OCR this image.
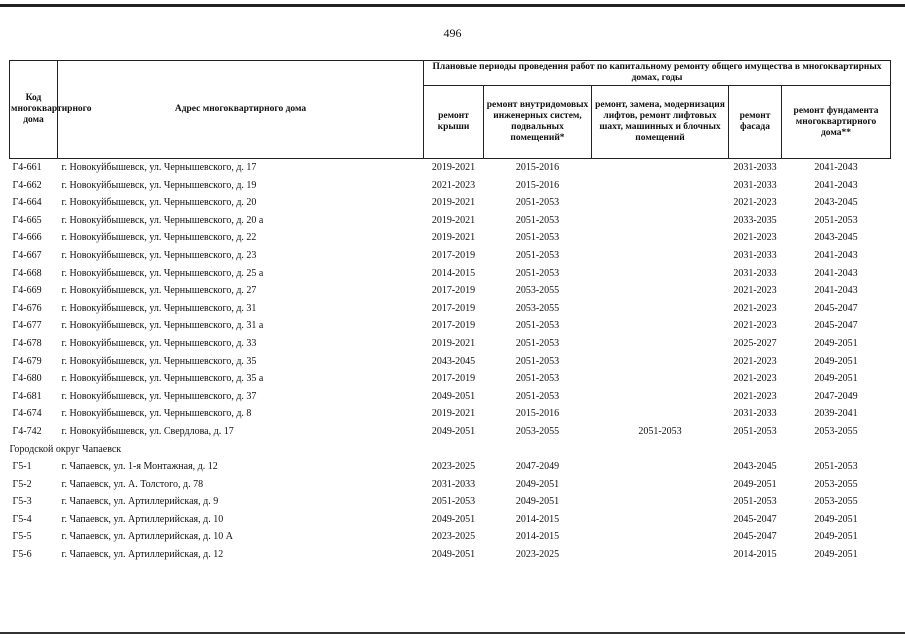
496
Код многоквартирного дома	Адрес многоквартирного дома	Плановые периоды проведения работ по капитальному ремонту общего имущества в многоквартирных домах, годы				
		ремонт крыши	ремонт внутридомовых инженерных систем, подвальных помещений*	ремонт, замена, модернизация лифтов, ремонт лифтовых шахт, машинных и блочных помещений	ремонт фасада	ремонт фундамента многоквартирного дома**
Г4-661	г. Новокуйбышевск, ул. Чернышевского, д. 17	2019-2021	2015-2016		2031-2033	2041-2043
Г4-662	г. Новокуйбышевск, ул. Чернышевского, д. 19	2021-2023	2015-2016		2031-2033	2041-2043
Г4-664	г. Новокуйбышевск, ул. Чернышевского, д. 20	2019-2021	2051-2053		2021-2023	2043-2045
Г4-665	г. Новокуйбышевск, ул. Чернышевского, д. 20 а	2019-2021	2051-2053		2033-2035	2051-2053
Г4-666	г. Новокуйбышевск, ул. Чернышевского, д. 22	2019-2021	2051-2053		2021-2023	2043-2045
Г4-667	г. Новокуйбышевск, ул. Чернышевского, д. 23	2017-2019	2051-2053		2031-2033	2041-2043
Г4-668	г. Новокуйбышевск, ул. Чернышевского, д. 25 а	2014-2015	2051-2053		2031-2033	2041-2043
Г4-669	г. Новокуйбышевск, ул. Чернышевского, д. 27	2017-2019	2053-2055		2021-2023	2041-2043
Г4-676	г. Новокуйбышевск, ул. Чернышевского, д. 31	2017-2019	2053-2055		2021-2023	2045-2047
Г4-677	г. Новокуйбышевск, ул. Чернышевского, д. 31 а	2017-2019	2051-2053		2021-2023	2045-2047
Г4-678	г. Новокуйбышевск, ул. Чернышевского, д. 33	2019-2021	2051-2053		2025-2027	2049-2051
Г4-679	г. Новокуйбышевск, ул. Чернышевского, д. 35	2043-2045	2051-2053		2021-2023	2049-2051
Г4-680	г. Новокуйбышевск, ул. Чернышевского, д. 35 а	2017-2019	2051-2053		2021-2023	2049-2051
Г4-681	г. Новокуйбышевск, ул. Чернышевского, д. 37	2049-2051	2051-2053		2021-2023	2047-2049
Г4-674	г. Новокуйбышевск, ул. Чернышевского, д. 8	2019-2021	2015-2016		2031-2033	2039-2041
Г4-742	г. Новокуйбышевск, ул. Свердлова, д. 17	2049-2051	2053-2055	2051-2053	2051-2053	2053-2055
Городской округ Чапаевск						
Г5-1	г. Чапаевск, ул. 1-я Монтажная, д. 12	2023-2025	2047-2049		2043-2045	2051-2053
Г5-2	г. Чапаевск, ул. А. Толстого, д. 78	2031-2033	2049-2051		2049-2051	2053-2055
Г5-3	г. Чапаевск, ул. Артиллерийская, д. 9	2051-2053	2049-2051		2051-2053	2053-2055
Г5-4	г. Чапаевск, ул. Артиллерийская, д. 10	2049-2051	2014-2015		2045-2047	2049-2051
Г5-5	г. Чапаевск, ул. Артиллерийская, д. 10 А	2023-2025	2014-2015		2045-2047	2049-2051
Г5-6	г. Чапаевск, ул. Артиллерийская, д. 12	2049-2051	2023-2025		2014-2015	2049-2051
